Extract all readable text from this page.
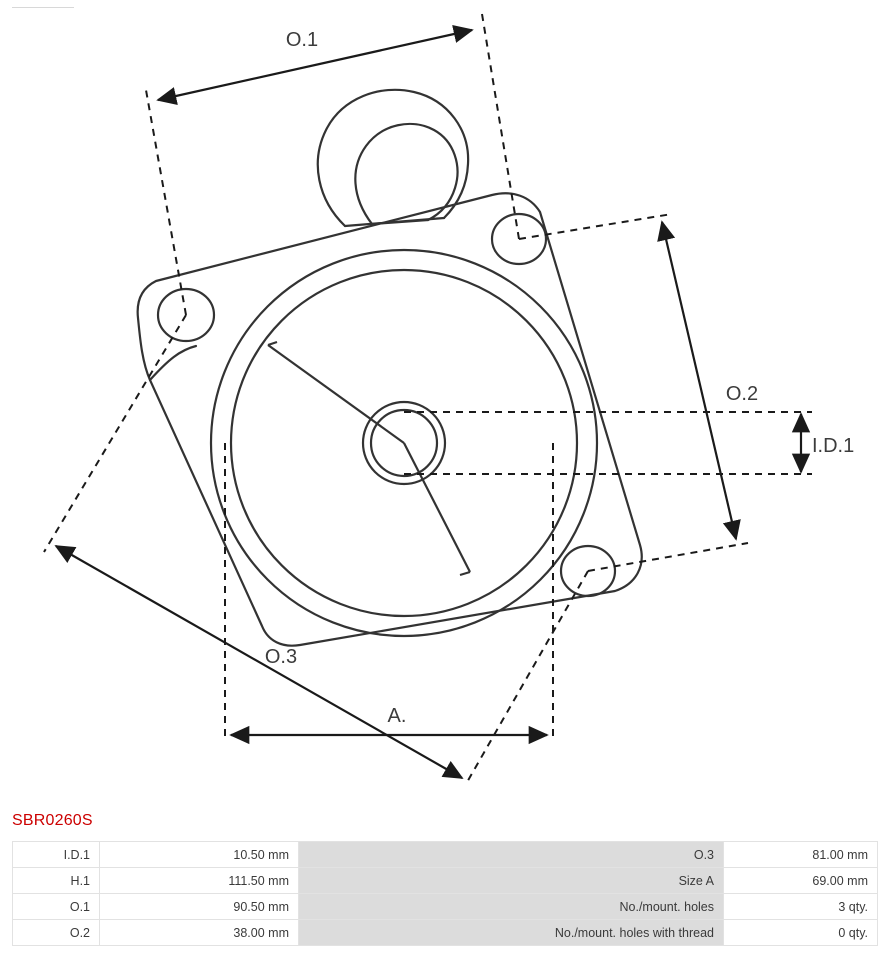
O.1
O.2
I.D.1
O.3
A.
SBR0260S
I.D.1	10.50 mm	O.3	81.00 mm
H.1	111.50 mm	Size A	69.00 mm
O.1	90.50 mm	No./mount. holes	3 qty.
O.2	38.00 mm	No./mount. holes with thread	0 qty.
